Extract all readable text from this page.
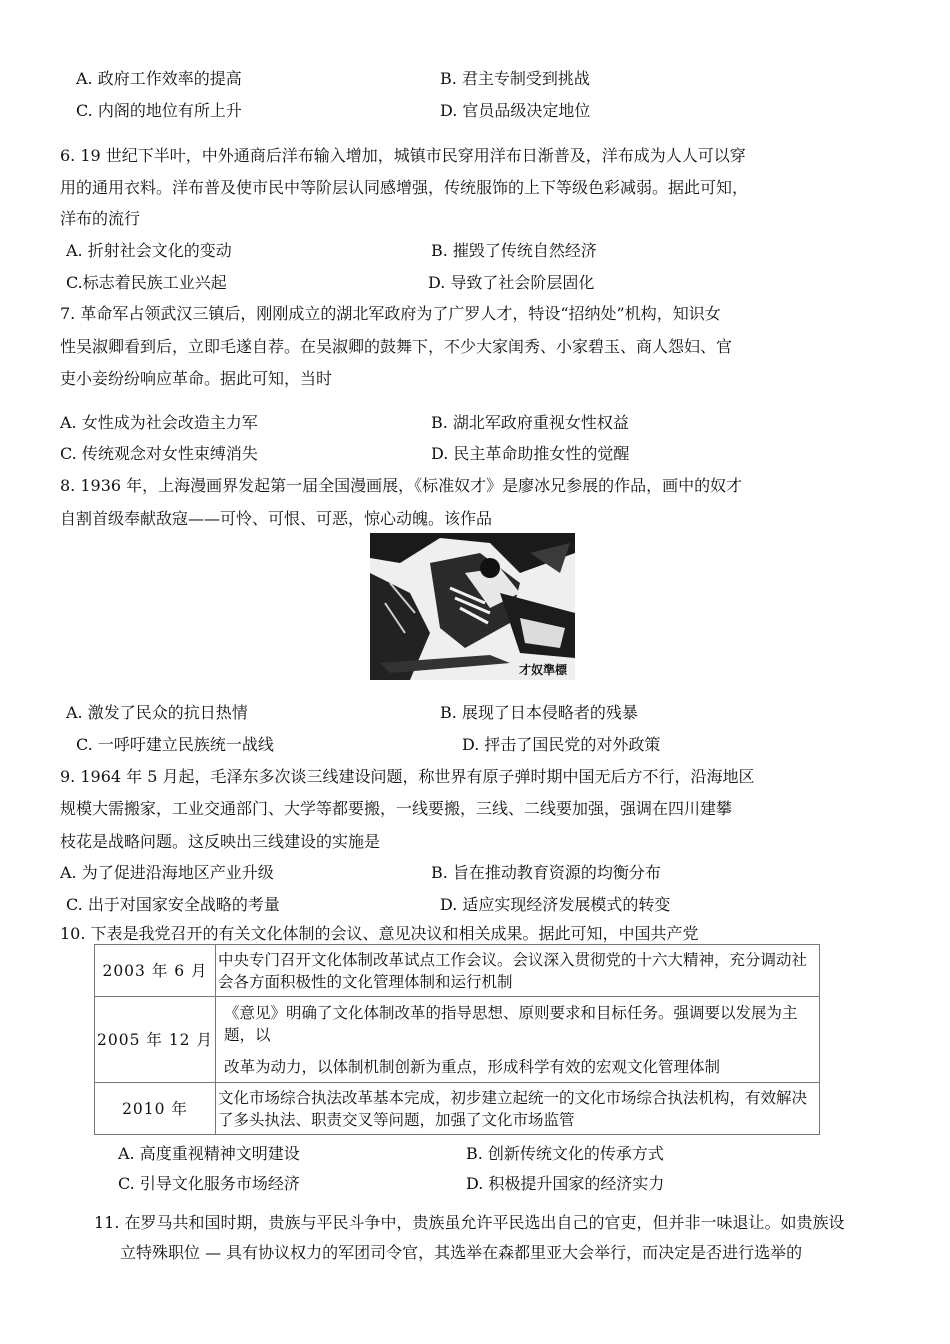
A. 政府工作效率的提高	B. 君主专制受到挑战
C. 内阁的地位有所上升	D. 官员品级决定地位
6. 19 世纪下半叶，中外通商后洋布输入增加，城镇市民穿用洋布日渐普及，洋布成为人人可以穿
用的通用衣料。洋布普及使市民中等阶层认同感增强，传统服饰的上下等级色彩减弱。据此可知，
洋布的流行
A. 折射社会文化的变动	B. 摧毁了传统自然经济
C.标志着民族工业兴起	D. 导致了社会阶层固化
7. 革命军占领武汉三镇后，刚刚成立的湖北军政府为了广罗人才，特设“招纳处”机构，知识女
性吴淑卿看到后，立即毛遂自荐。在吴淑卿的鼓舞下，不少大家闺秀、小家碧玉、商人怨妇、官
吏小妾纷纷响应革命。据此可知，当时
A. 女性成为社会改造主力军	B. 湖北军政府重视女性权益
C. 传统观念对女性束缚消失	D. 民主革命助推女性的觉醒
8. 1936 年，上海漫画界发起第一届全国漫画展，《标准奴才》是廖冰兄参展的作品，画中的奴才
自割首级奉献敌寇——可怜、可恨、可恶，惊心动魄。该作品
才奴準標
A. 激发了民众的抗日热情	B. 展现了日本侵略者的残暴
C. 一呼吁建立民族统一战线	D. 抨击了国民党的对外政策
9. 1964 年 5 月起，毛泽东多次谈三线建设问题，称世界有原子弹时期中国无后方不行，沿海地区
规模大需搬家，工业交通部门、大学等都要搬，一线要搬，三线、二线要加强，强调在四川建攀
枝花是战略问题。这反映出三线建设的实施是
A. 为了促进沿海地区产业升级	B. 旨在推动教育资源的均衡分布
C. 出于对国家安全战略的考量	D. 适应实现经济发展模式的转变
10. 下表是我党召开的有关文化体制的会议、意见决议和相关成果。据此可知，中国共产党
2003 年 6 月	中央专门召开文化体制改革试点工作会议。会议深入贯彻党的十六大精神，充分调动社会各方面积极性的文化管理体制和运行机制
2005 年 12 月	《意见》明确了文化体制改革的指导思想、原则要求和目标任务。强调要以发展为主题，以
改革为动力，以体制机制创新为重点，形成科学有效的宏观文化管理体制

2010 年	文化市场综合执法改革基本完成，初步建立起统一的文化市场综合执法机构，有效解决了多头执法、职责交叉等问题，加强了文化市场监管
A. 高度重视精神文明建设	B. 创新传统文化的传承方式
C. 引导文化服务市场经济	D. 积极提升国家的经济实力
11. 在罗马共和国时期，贵族与平民斗争中，贵族虽允许平民选出自己的官吏，但并非一味退让。如贵族设
立特殊职位 — 具有协议权力的军团司令官，其选举在森都里亚大会举行，而决定是否进行选举的
